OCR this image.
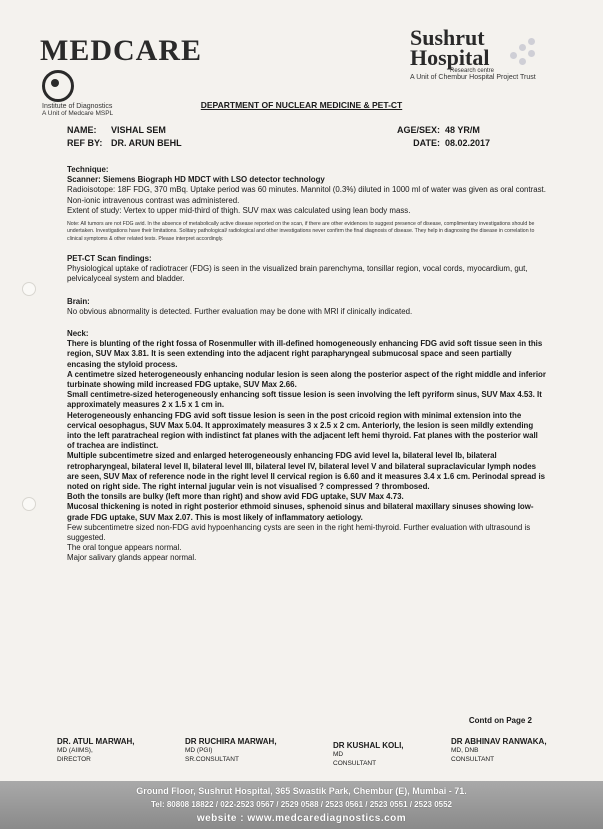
MEDCARE
Institute of Diagnostics
A Unit of Medcare MSPL
Sushrut
Hospital
Research centre
A Unit of Chembur Hospital Project Trust
DEPARTMENT OF NUCLEAR MEDICINE & PET-CT
NAME: VISHAL SEM
REF BY: DR. ARUN BEHL
AGE/SEX: 48 YR/M
DATE: 08.02.2017

Technique:

Scanner: Siemens Biograph HD MDCT with LSO detector technology

Radioisotope: 18F FDG, 370 mBq. Uptake period was 60 minutes. Mannitol (0.3%) diluted in 1000 ml of water was given as oral contrast. Non-ionic intravenous contrast was administered.

Extent of study: Vertex to upper mid-third of thigh. SUV max was calculated using lean body mass.

Note: All tumors are not FDG avid. In the absence of metabolically active disease reported on the scan, if there are other evidences to suggest presence of disease, complimentary investigations should be undertaken. Investigations have their limitations. Solitary pathological/ radiological and other investigations never confirm the final diagnosis of disease. They help in diagnosing the disease in correlation to clinical symptoms & other related tests. Please interpret accordingly.

PET-CT Scan findings:

Physiological uptake of radiotracer (FDG) is seen in the visualized brain parenchyma, tonsillar region, vocal cords, myocardium, gut, pelvicalyceal system and bladder.

Brain:

No obvious abnormality is detected. Further evaluation may be done with MRI if clinically indicated.

Neck:

There is blunting of the right fossa of Rosenmuller with ill-defined homogeneously enhancing FDG avid soft tissue seen in this region, SUV Max 3.81. It is seen extending into the adjacent right parapharyngeal submucosal space and seen partially encasing the styloid process.

A centimetre sized heterogeneously enhancing nodular lesion is seen along the posterior aspect of the right middle and inferior turbinate showing mild increased FDG uptake, SUV Max 2.66.

Small centimetre-sized heterogeneously enhancing soft tissue lesion is seen involving the left pyriform sinus, SUV Max 4.53. It approximately measures 2 x 1.5 x 1 cm in.

Heterogeneously enhancing FDG avid soft tissue lesion is seen in the post cricoid region with minimal extension into the cervical oesophagus, SUV Max 5.04. It approximately measures 3 x 2.5 x 2 cm. Anteriorly, the lesion is seen mildly extending into the left paratracheal region with indistinct fat planes with the adjacent left hemi thyroid. Fat planes with the posterior wall of trachea are indistinct.

Multiple subcentimetre sized and enlarged heterogeneously enhancing FDG avid level Ia, bilateral level Ib, bilateral retropharyngeal, bilateral level II, bilateral level III, bilateral level IV, bilateral level V and bilateral supraclavicular lymph nodes are seen, SUV Max of reference node in the right level II cervical region is 6.60 and it measures 3.4 x 1.6 cm. Perinodal spread is noted on right side. The right internal jugular vein is not visualised ? compressed ? thrombosed.

Both the tonsils are bulky (left more than right) and show avid FDG uptake, SUV Max 4.73.

Mucosal thickening is noted in right posterior ethmoid sinuses, sphenoid sinus and bilateral maxillary sinuses showing low-grade FDG uptake, SUV Max 2.07. This is most likely of inflammatory aetiology.

Few subcentimetre sized non-FDG avid hypoenhancing cysts are seen in the right hemi-thyroid. Further evaluation with ultrasound is suggested.

The oral tongue appears normal.

Major salivary glands appear normal.

Contd on Page 2
DR. ATUL MARWAH,
MD (AIIMS),
DIRECTOR
DR RUCHIRA MARWAH,
MD (PGI)
SR.CONSULTANT
DR KUSHAL KOLI,
MD
CONSULTANT
DR ABHINAV RANWAKA,
MD, DNB
CONSULTANT
Ground Floor, Sushrut Hospital, 365 Swastik Park, Chembur (E), Mumbai - 71.
Tel: 80808 18822 / 022-2523 0567 / 2529 0588 / 2523 0561 / 2523 0551 / 2523 0552
website : www.medcarediagnostics.com
